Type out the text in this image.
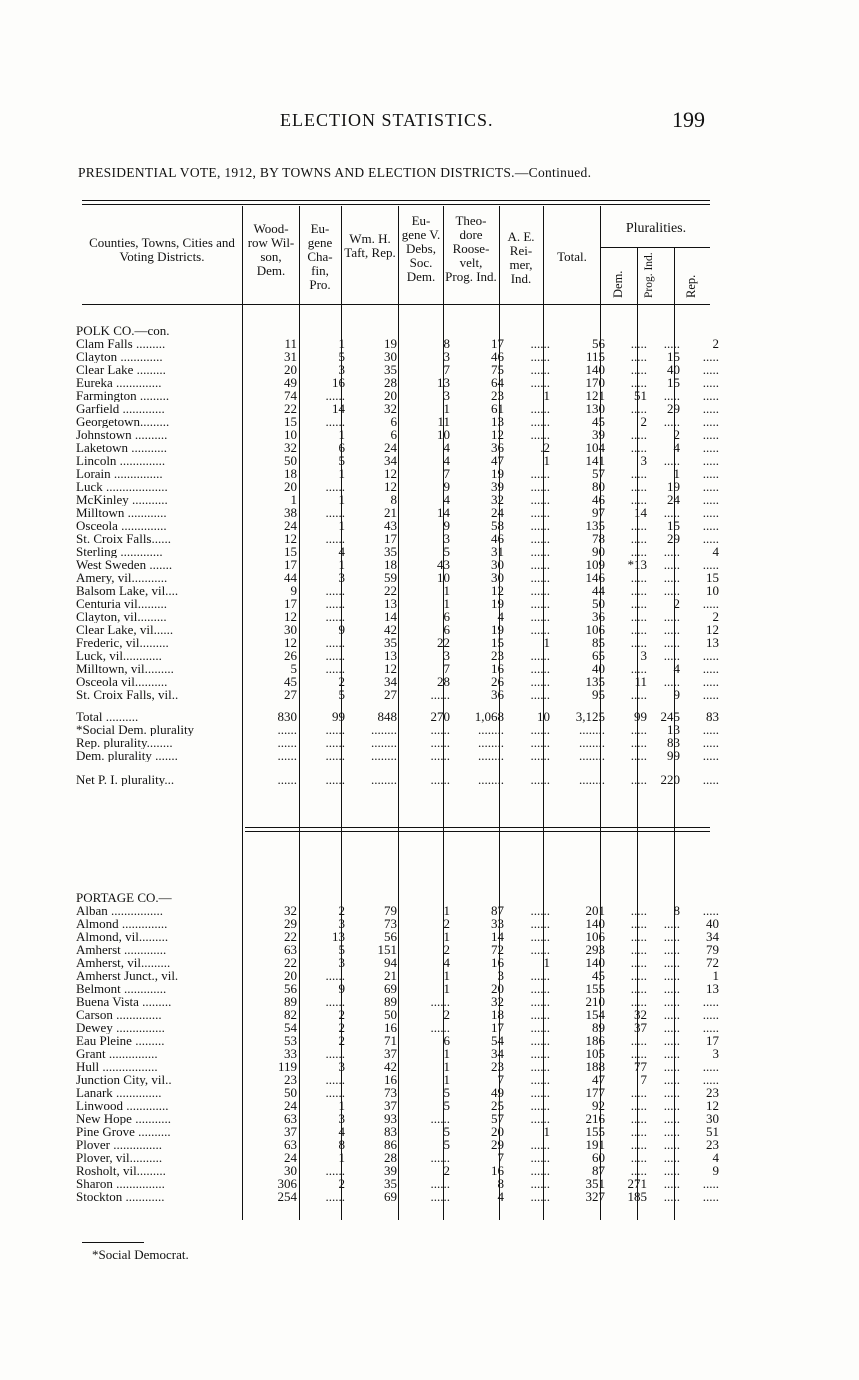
ELECTION STATISTICS.	199
PRESIDENTIAL VOTE, 1912, BY TOWNS AND ELECTION DISTRICTS.—Continued.
Counties, Towns, Cities and Voting Districts.
Wood-row Wil-son, Dem.
Eu-gene Cha-fin, Pro.
Wm. H. Taft, Rep.
Eu-gene V. Debs, Soc. Dem.
Theo-dore Roose-velt, Prog. Ind.
A. E. Rei-mer, Ind.
Total.
Pluralities.
Dem. Prog. Ind. Rep.
POLK CO.—con.										
Clam Falls .........	11	1	19	8	17	......	56	.....	.....	2
Clayton .............	31	5	30	3	46	......	115	.....	15	.....
Clear Lake .........	20	3	35	7	75	......	140	.....	40	.....
Eureka ..............	49	16	28	13	64	......	170	.....	15	.....
Farmington .........	74	......	20	3	23	1	121	51	.....	.....
Garfield .............	22	14	32	1	61	......	130	.....	29	.....
Georgetown.........	15	......	6	11	13	......	45	2	.....	.....
Johnstown ..........	10	1	6	10	12	......	39	.....	2	.....
Laketown ...........	32	6	24	4	36	.2	104	.....	4	.....
Lincoln ..............	50	5	34	4	47	1	141	3	.....	.....
Lorain ...............	18	1	12	7	19	......	57	.....	1	.....
Luck ...................	20	......	12	9	39	......	80	.....	19	.....
McKinley ...........	1	1	8	4	32	......	46	.....	24	.....
Milltown ............	38	......	21	14	24	......	97	14	.....	.....
Osceola ..............	24	1	43	9	58	......	135	.....	15	.....
St. Croix Falls......	12	......	17	3	46	......	78	.....	29	.....
Sterling .............	15	4	35	5	31	......	90	.....	.....	4
West Sweden .......	17	1	18	43	30	......	109	*13	.....	.....
Amery, vil...........	44	3	59	10	30	......	146	.....	.....	15
Balsom Lake, vil....	9	......	22	1	12	......	44	.....	.....	10
Centuria vil.........	17	......	13	1	19	......	50	.....	2	.....
Clayton, vil.........	12	......	14	6	4	......	36	.....	.....	2
Clear Lake, vil......	30	9	42	6	19	......	106	.....	.....	12
Frederic, vil.........	12	......	35	22	15	1	85	.....	.....	13
Luck, vil............	26	......	13	3	23	......	65	3	.....	.....
Milltown, vil.........	5	......	12	7	16	......	40	.....	4	.....
Osceola vil..........	45	2	34	28	26	......	135	11	.....	.....
St. Croix Falls, vil..	27	5	27	......	36	......	95	.....	9	.....

Total ..........	830	99	848	270	1,068	10	3,125	99	245	83
*Social Dem. plurality	......	......	........	......	........	......	........	.....	13	.....
Rep. plurality........	......	......	........	......	........	......	........	.....	83	.....
Dem. plurality .......	......	......	........	......	........	......	........	.....	99	.....

Net P. I. plurality...	......	......	........	......	........	......	........	.....	220	.....
PORTAGE CO.—										
Alban ................	32	2	79	1	87	......	201	.....	8	.....
Almond ..............	29	3	73	2	33	......	140	.....	.....	40
Almond, vil.........	22	13	56	1	14	......	106	.....	.....	34
Amherst .............	63	5	151	2	72	......	293	.....	.....	79
Amherst, vil.........	22	3	94	4	16	1	140	.....	.....	72
Amherst Junct., vil.	20	......	21	1	3	......	45	.....	.....	1
Belmont .............	56	9	69	1	20	......	155	.....	.....	13
Buena Vista .........	89	......	89	......	32	......	210	.....	.....	.....
Carson ..............	82	2	50	2	18	......	154	32	.....	.....
Dewey ...............	54	2	16	......	17	......	89	37	.....	.....
Eau Pleine .........	53	2	71	6	54	......	186	.....	.....	17
Grant ...............	33	......	37	1	34	......	105	.....	.....	3
Hull .................	119	3	42	1	23	......	188	77	.....	.....
Junction City, vil..	23	......	16	1	7	......	47	7	.....	.....
Lanark ..............	50	......	73	5	49	......	177	.....	.....	23
Linwood .............	24	1	37	5	25	......	92	.....	.....	12
New Hope ...........	63	3	93	......	57	......	216	.....	.....	30
Pine Grove ..........	37	4	83	5	20	1	155	.....	.....	51
Plover ...............	63	8	86	5	29	......	191	.....	.....	23
Plover, vil..........	24	1	28	......	7	......	60	.....	.....	4
Rosholt, vil.........	30	......	39	2	16	......	87	.....	.....	9
Sharon ...............	306	2	35	......	8	......	351	271	.....	.....
Stockton ............	254	......	69	......	4	......	327	185	.....	.....
*Social Democrat.
